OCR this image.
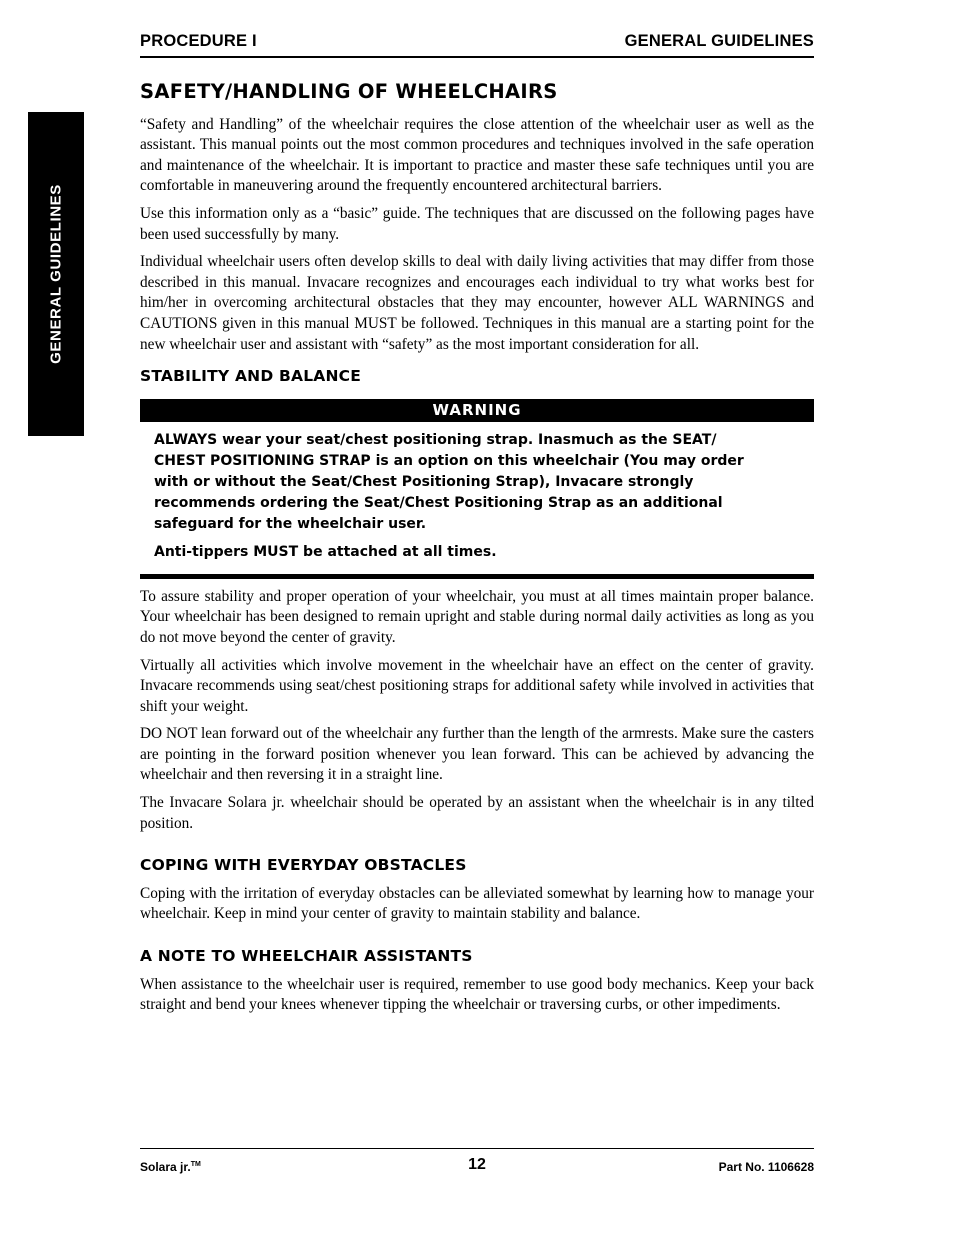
PROCEDURE I	GENERAL GUIDELINES
GENERAL GUIDELINES
SAFETY/HANDLING OF WHEELCHAIRS

“Safety and Handling” of the wheelchair requires the close attention of the wheelchair user as well as the assistant. This manual points out the most common procedures and techniques involved in the safe operation and maintenance of the wheelchair. It is important to practice and master these safe techniques until you are comfortable in maneuvering around the frequently encountered architectural barriers.

Use this information only as a “basic” guide. The techniques that are discussed on the following pages have been used successfully by many.

Individual wheelchair users often develop skills to deal with daily living activities that may differ from those described in this manual. Invacare recognizes and encourages each individual to try what works best for him/her in overcoming architectural obstacles that they may encounter, however ALL WARNINGS and CAUTIONS given in this manual MUST be followed. Techniques in this manual are a starting point for the new wheelchair user and assistant with “safety” as the most important consideration for all.

STABILITY AND BALANCE
WARNING

ALWAYS wear your seat/chest positioning strap. Inasmuch as the SEAT/ CHEST POSITIONING STRAP is an option on this wheelchair (You may order with or without the Seat/Chest Positioning Strap), Invacare strongly recommends ordering the Seat/Chest Positioning Strap as an additional safeguard for the wheelchair user.

Anti-tippers MUST be attached at all times.

To assure stability and proper operation of your wheelchair, you must at all times maintain proper balance. Your wheelchair has been designed to remain upright and stable during normal daily activities as long as you do not move beyond the center of gravity.

Virtually all activities which involve movement in the wheelchair have an effect on the center of gravity. Invacare recommends using seat/chest positioning straps for additional safety while involved in activities that shift your weight.

DO NOT lean forward out of the wheelchair any further than the length of the armrests. Make sure the casters are pointing in the forward position whenever you lean forward. This can be achieved by advancing the wheelchair and then reversing it in a straight line.

The Invacare Solara jr. wheelchair should be operated by an assistant when the wheelchair is in any tilted position.

COPING WITH EVERYDAY OBSTACLES

Coping with the irritation of everyday obstacles can be alleviated somewhat by learning how to manage your wheelchair. Keep in mind your center of gravity to maintain stability and balance.

A NOTE TO WHEELCHAIR ASSISTANTS

When assistance to the wheelchair user is required, remember to use good body mechanics. Keep your back straight and bend your knees whenever tipping the wheelchair or traversing curbs, or other impediments.

Solara jr.™	12	Part No. 1106628
